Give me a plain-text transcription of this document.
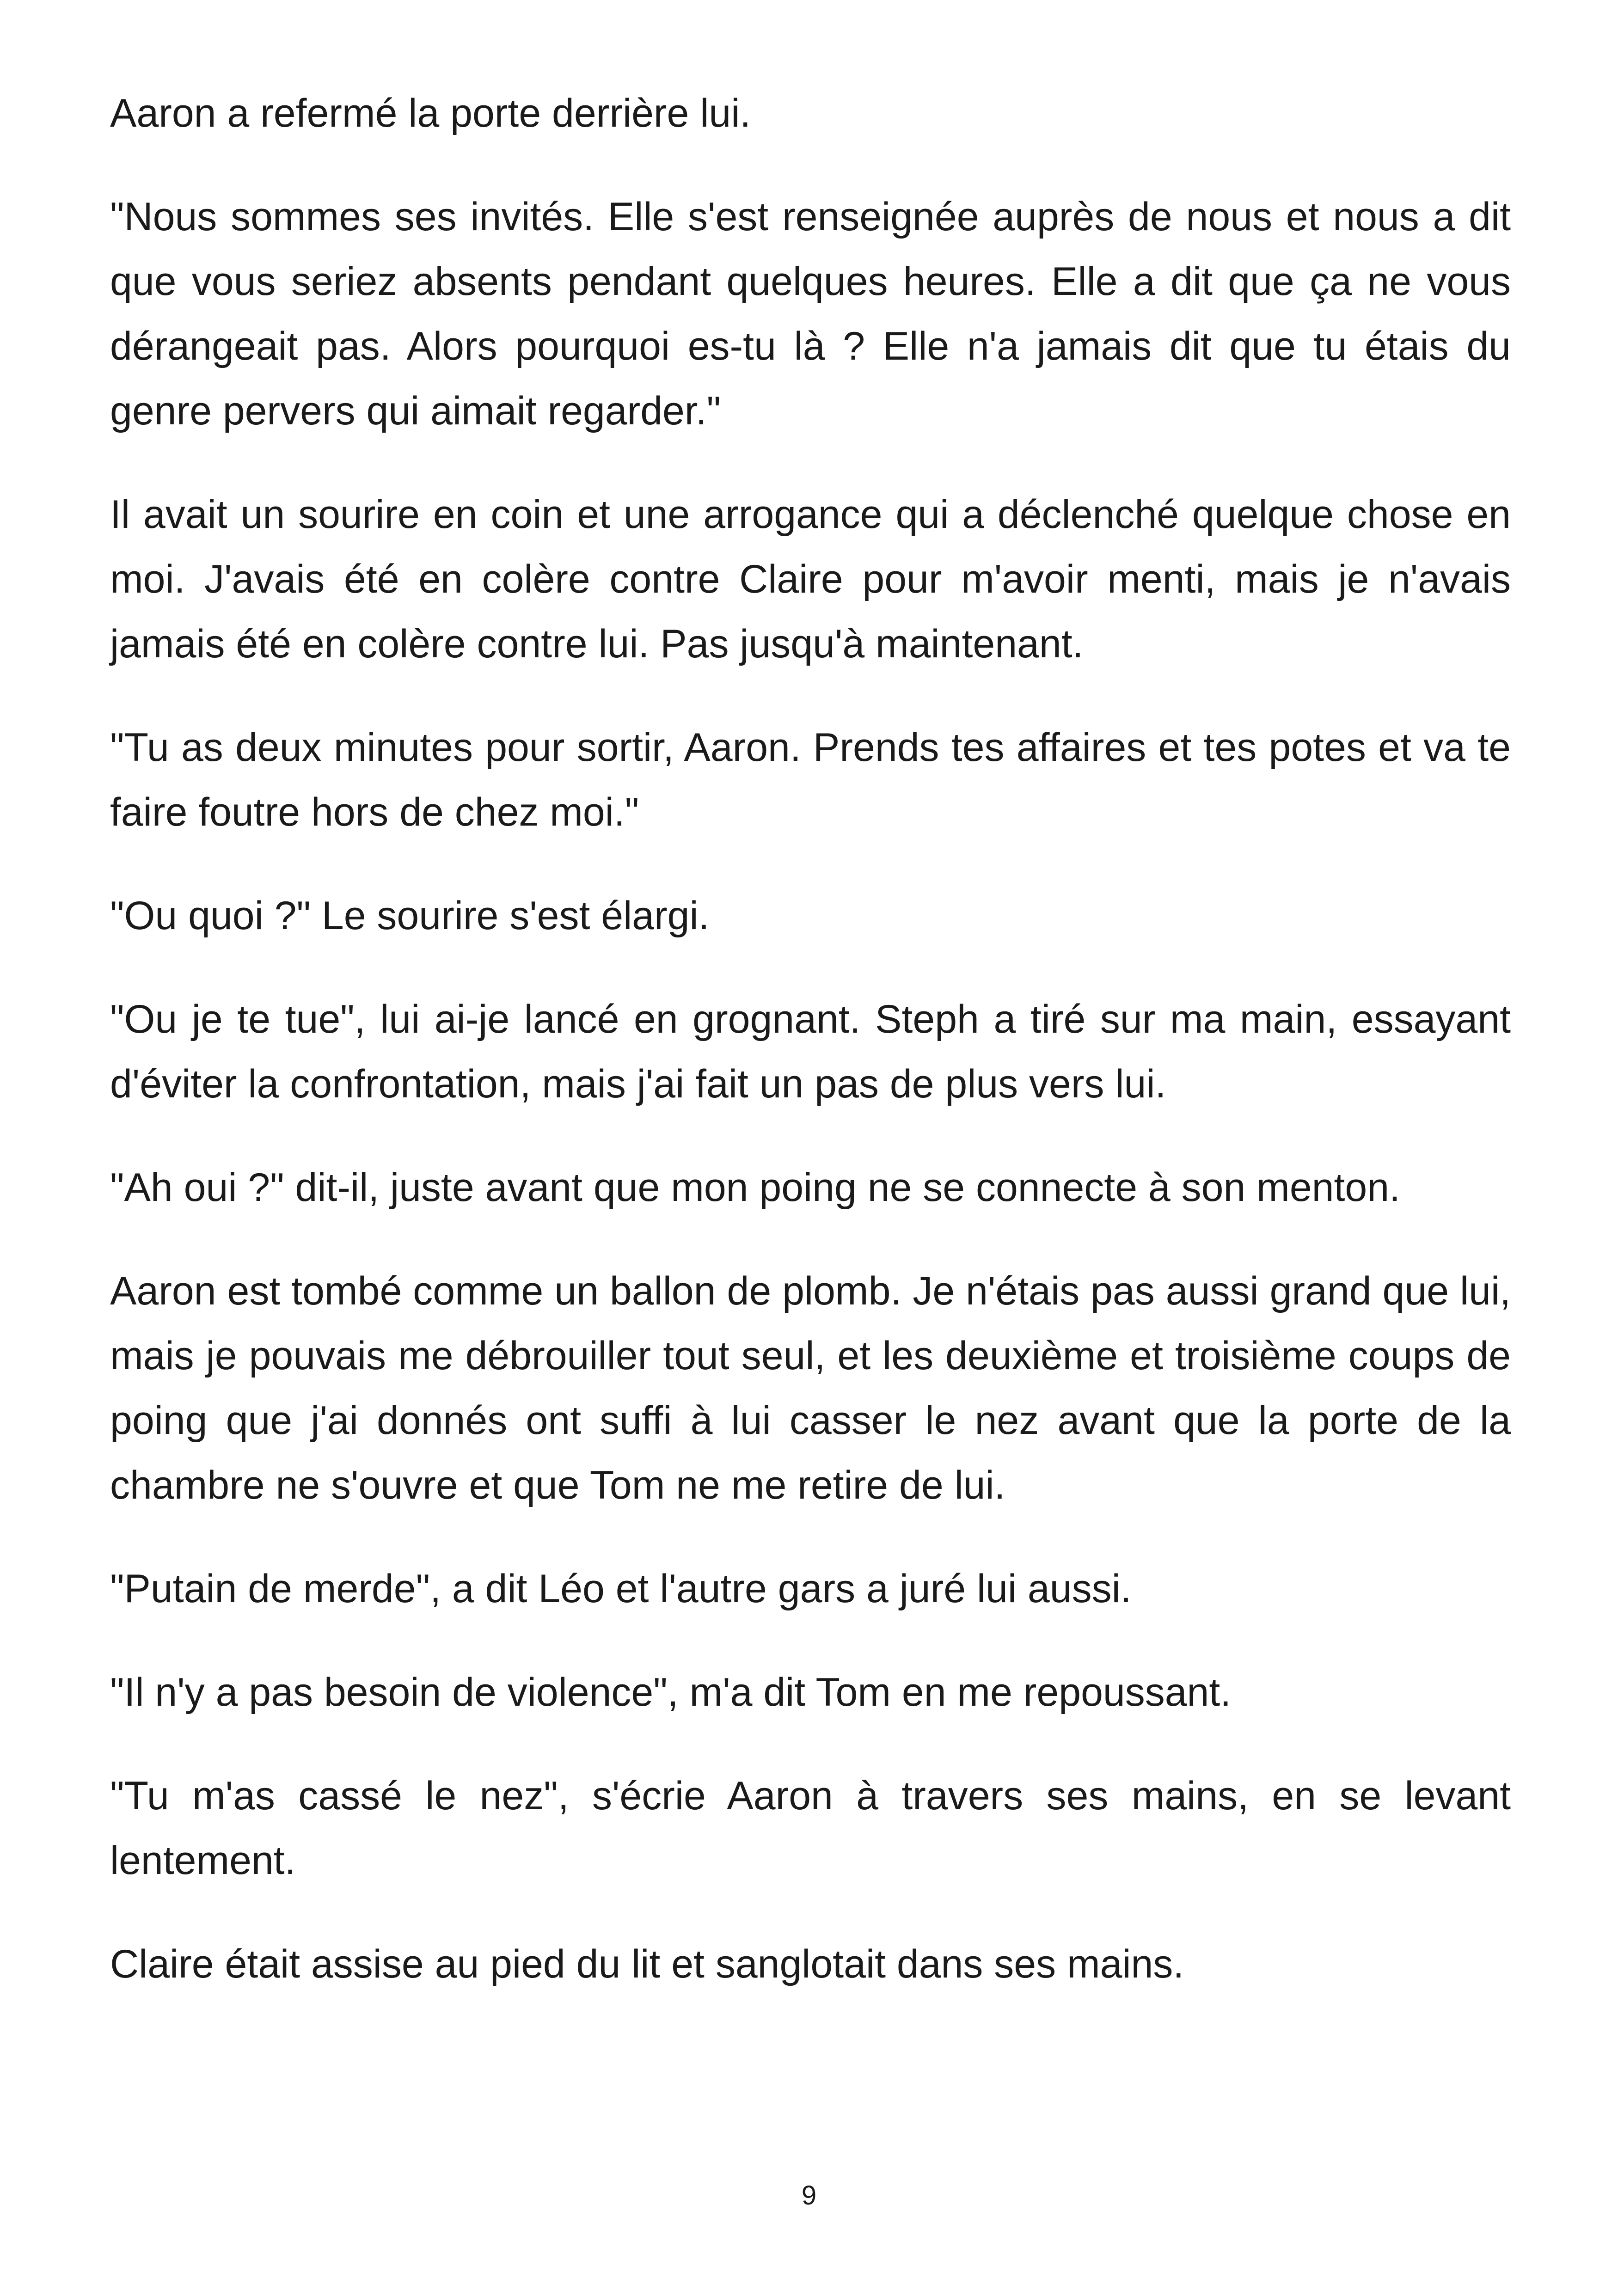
Aaron a refermé la porte derrière lui.

"Nous sommes ses invités. Elle s'est renseignée auprès de nous et nous a dit que vous seriez absents pendant quelques heures. Elle a dit que ça ne vous dérangeait pas. Alors pourquoi es-tu là ? Elle n'a jamais dit que tu étais du genre pervers qui aimait regarder."

Il avait un sourire en coin et une arrogance qui a déclenché quelque chose en moi. J'avais été en colère contre Claire pour m'avoir menti, mais je n'avais jamais été en colère contre lui. Pas jusqu'à maintenant.

"Tu as deux minutes pour sortir, Aaron. Prends tes affaires et tes potes et va te faire foutre hors de chez moi."

"Ou quoi ?" Le sourire s'est élargi.

"Ou je te tue", lui ai-je lancé en grognant. Steph a tiré sur ma main, essayant d'éviter la confrontation, mais j'ai fait un pas de plus vers lui.

"Ah oui ?" dit-il, juste avant que mon poing ne se connecte à son menton.

Aaron est tombé comme un ballon de plomb. Je n'étais pas aussi grand que lui, mais je pouvais me débrouiller tout seul, et les deuxième et troisième coups de poing que j'ai donnés ont suffi à lui casser le nez avant que la porte de la chambre ne s'ouvre et que Tom ne me retire de lui.

"Putain de merde", a dit Léo et l'autre gars a juré lui aussi.

"Il n'y a pas besoin de violence", m'a dit Tom en me repoussant.

"Tu m'as cassé le nez", s'écrie Aaron à travers ses mains, en se levant lentement.

Claire était assise au pied du lit et sanglotait dans ses mains.

9
